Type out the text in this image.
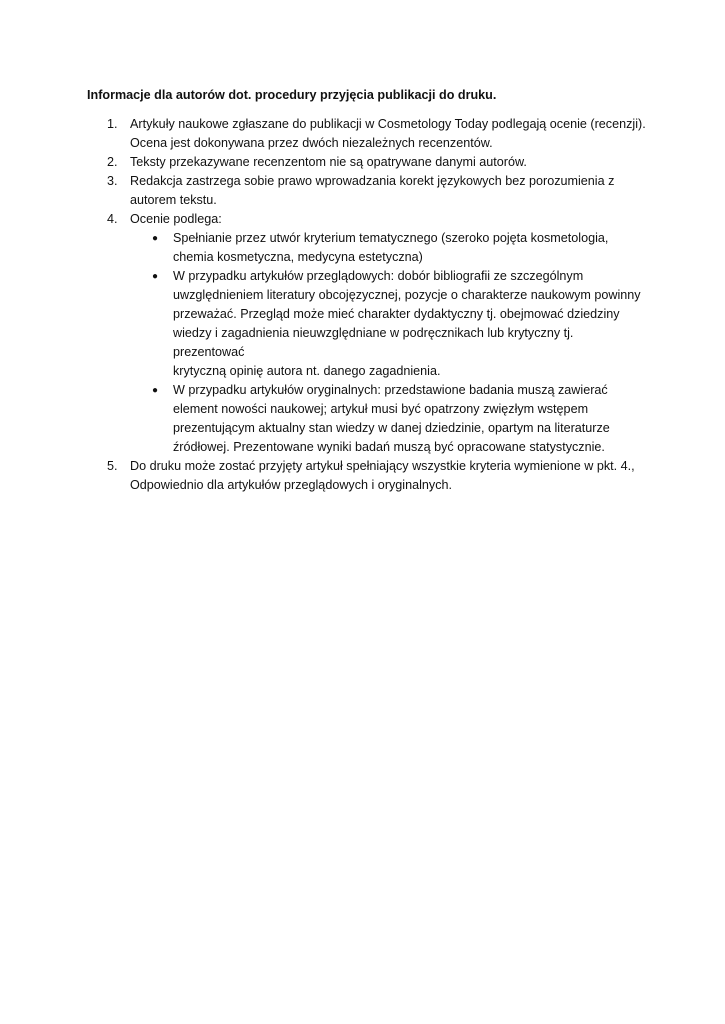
Informacje dla autorów dot. procedury przyjęcia publikacji do druku.
1. Artykuły naukowe zgłaszane do publikacji w Cosmetology Today podlegają ocenie (recenzji).
Ocena jest dokonywana przez dwóch niezależnych recenzentów.
2. Teksty przekazywane recenzentom nie są opatrywane danymi autorów.
3. Redakcja zastrzega sobie prawo wprowadzania korekt językowych bez porozumienia z
autorem tekstu.
4. Ocenie podlega:
● Spełnianie przez utwór kryterium tematycznego (szeroko pojęta kosmetologia,
chemia kosmetyczna, medycyna estetyczna)
● W przypadku artykułów przeglądowych: dobór bibliografii ze szczególnym
uwzględnieniem literatury obcojęzycznej, pozycje o charakterze naukowym powinny
przeważać. Przegląd może mieć charakter dydaktyczny tj. obejmować dziedziny
wiedzy i zagadnienia nieuwzględniane w podręcznikach lub krytyczny tj. prezentować
krytyczną opinię autora nt. danego zagadnienia.
● W przypadku artykułów oryginalnych: przedstawione badania muszą zawierać
element nowości naukowej; artykuł musi być opatrzony zwięzłym wstępem
prezentującym aktualny stan wiedzy w danej dziedzinie, opartym na literaturze
źródłowej. Prezentowane wyniki badań muszą być opracowane statystycznie.
5. Do druku może zostać przyjęty artykuł spełniający wszystkie kryteria wymienione w pkt. 4.,
Odpowiednio dla artykułów przeglądowych i oryginalnych.
